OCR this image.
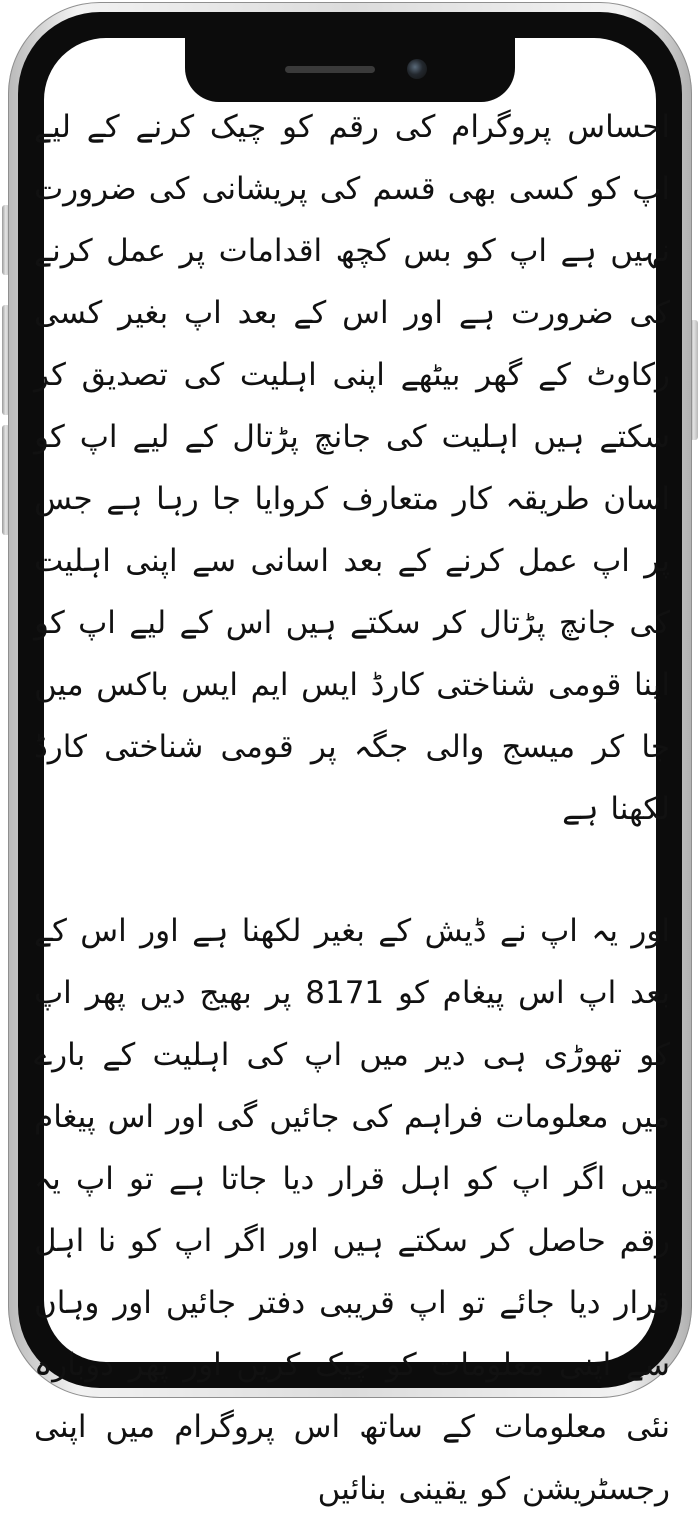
احساس پروگرام کی رقم کو چیک کرنے کے لیے اپ کو کسی بھی قسم کی پریشانی کی ضرورت نہیں ہے اپ کو بس کچھ اقدامات پر عمل کرنے کی ضرورت ہے اور اس کے بعد اپ بغیر کسی رکاوٹ کے گھر بیٹھے اپنی اہلیت کی تصدیق کر سکتے ہیں اہلیت کی جانچ پڑتال کے لیے اپ کو اسان طریقہ کار متعارف کروایا جا رہا ہے جس پر اپ عمل کرنے کے بعد اسانی سے اپنی اہلیت کی جانچ پڑتال کر سکتے ہیں اس کے لیے اپ کو اپنا قومی شناختی کارڈ ایس ایم ایس باکس میں جا کر میسج والی جگہ پر قومی شناختی کارڈ لکھنا ہے

اور یہ اپ نے ڈیش کے بغیر لکھنا ہے اور اس کے بعد اپ اس پیغام کو 8171 پر بھیج دیں پھر اپ کو تھوڑی ہی دیر میں اپ کی اہلیت کے بارے میں معلومات فراہم کی جائیں گی اور اس پیغام میں اگر اپ کو اہل قرار دیا جاتا ہے تو اپ یہ رقم حاصل کر سکتے ہیں اور اگر اپ کو نا اہل قرار دیا جائے تو اپ قریبی دفتر جائیں اور وہاں سے اپنی معلومات کو چیک کریں اور پھر دوبارہ نئی معلومات کے ساتھ اس پروگرام میں اپنی رجسٹریشن کو یقینی بنائیں
